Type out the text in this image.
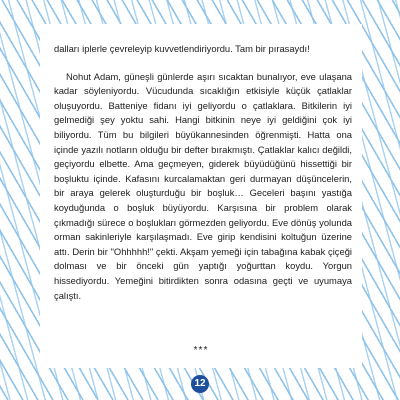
dalları iplerle çevreleyip kuvvetlendiriyordu. Tam bir pırasaydı!

Nohut Adam, güneşli günlerde aşırı sıcaktan bunalıyor, eve ulaşana kadar söyleniyordu. Vücudunda sıcaklığın etkisiyle küçük çatlaklar oluşuyordu. Batteniye fidanı iyi geliyordu o çatlaklara. Bitkilerin iyi gelmediği şey yoktu sahi. Hangi bitkinin neye iyi geldiğini çok iyi biliyordu. Tüm bu bilgileri büyükannesinden öğrenmişti. Hatta ona içinde yazılı notların olduğu bir defter bırakmıştı. Çatlaklar kalıcı değildi, geçiyordu elbette. Ama geçmeyen, giderek büyüdüğünü hissettiği bir boşluktu içinde. Kafasını kurcalamaktan geri durmayan düşüncelerin, bir araya gelerek oluşturduğu bir boşluk… Geceleri başını yastığa koyduğunda o boşluk büyüyordu. Karşısına bir problem olarak çıkmadığı sürece o boşlukları görmezden geliyordu. Eve dönüş yolunda orman sakinleriyle karşılaşmadı. Eve girip kendisini koltuğun üzerine attı. Derin bir "Ohhhhh!" çekti. Akşam yemeği için tabağına kabak çiçeği dolması ve bir önceki gün yaptığı yoğurttan koydu. Yorgun hissediyordu. Yemeğini bitirdikten sonra odasına geçti ve uyumaya çalıştı.

***
12
